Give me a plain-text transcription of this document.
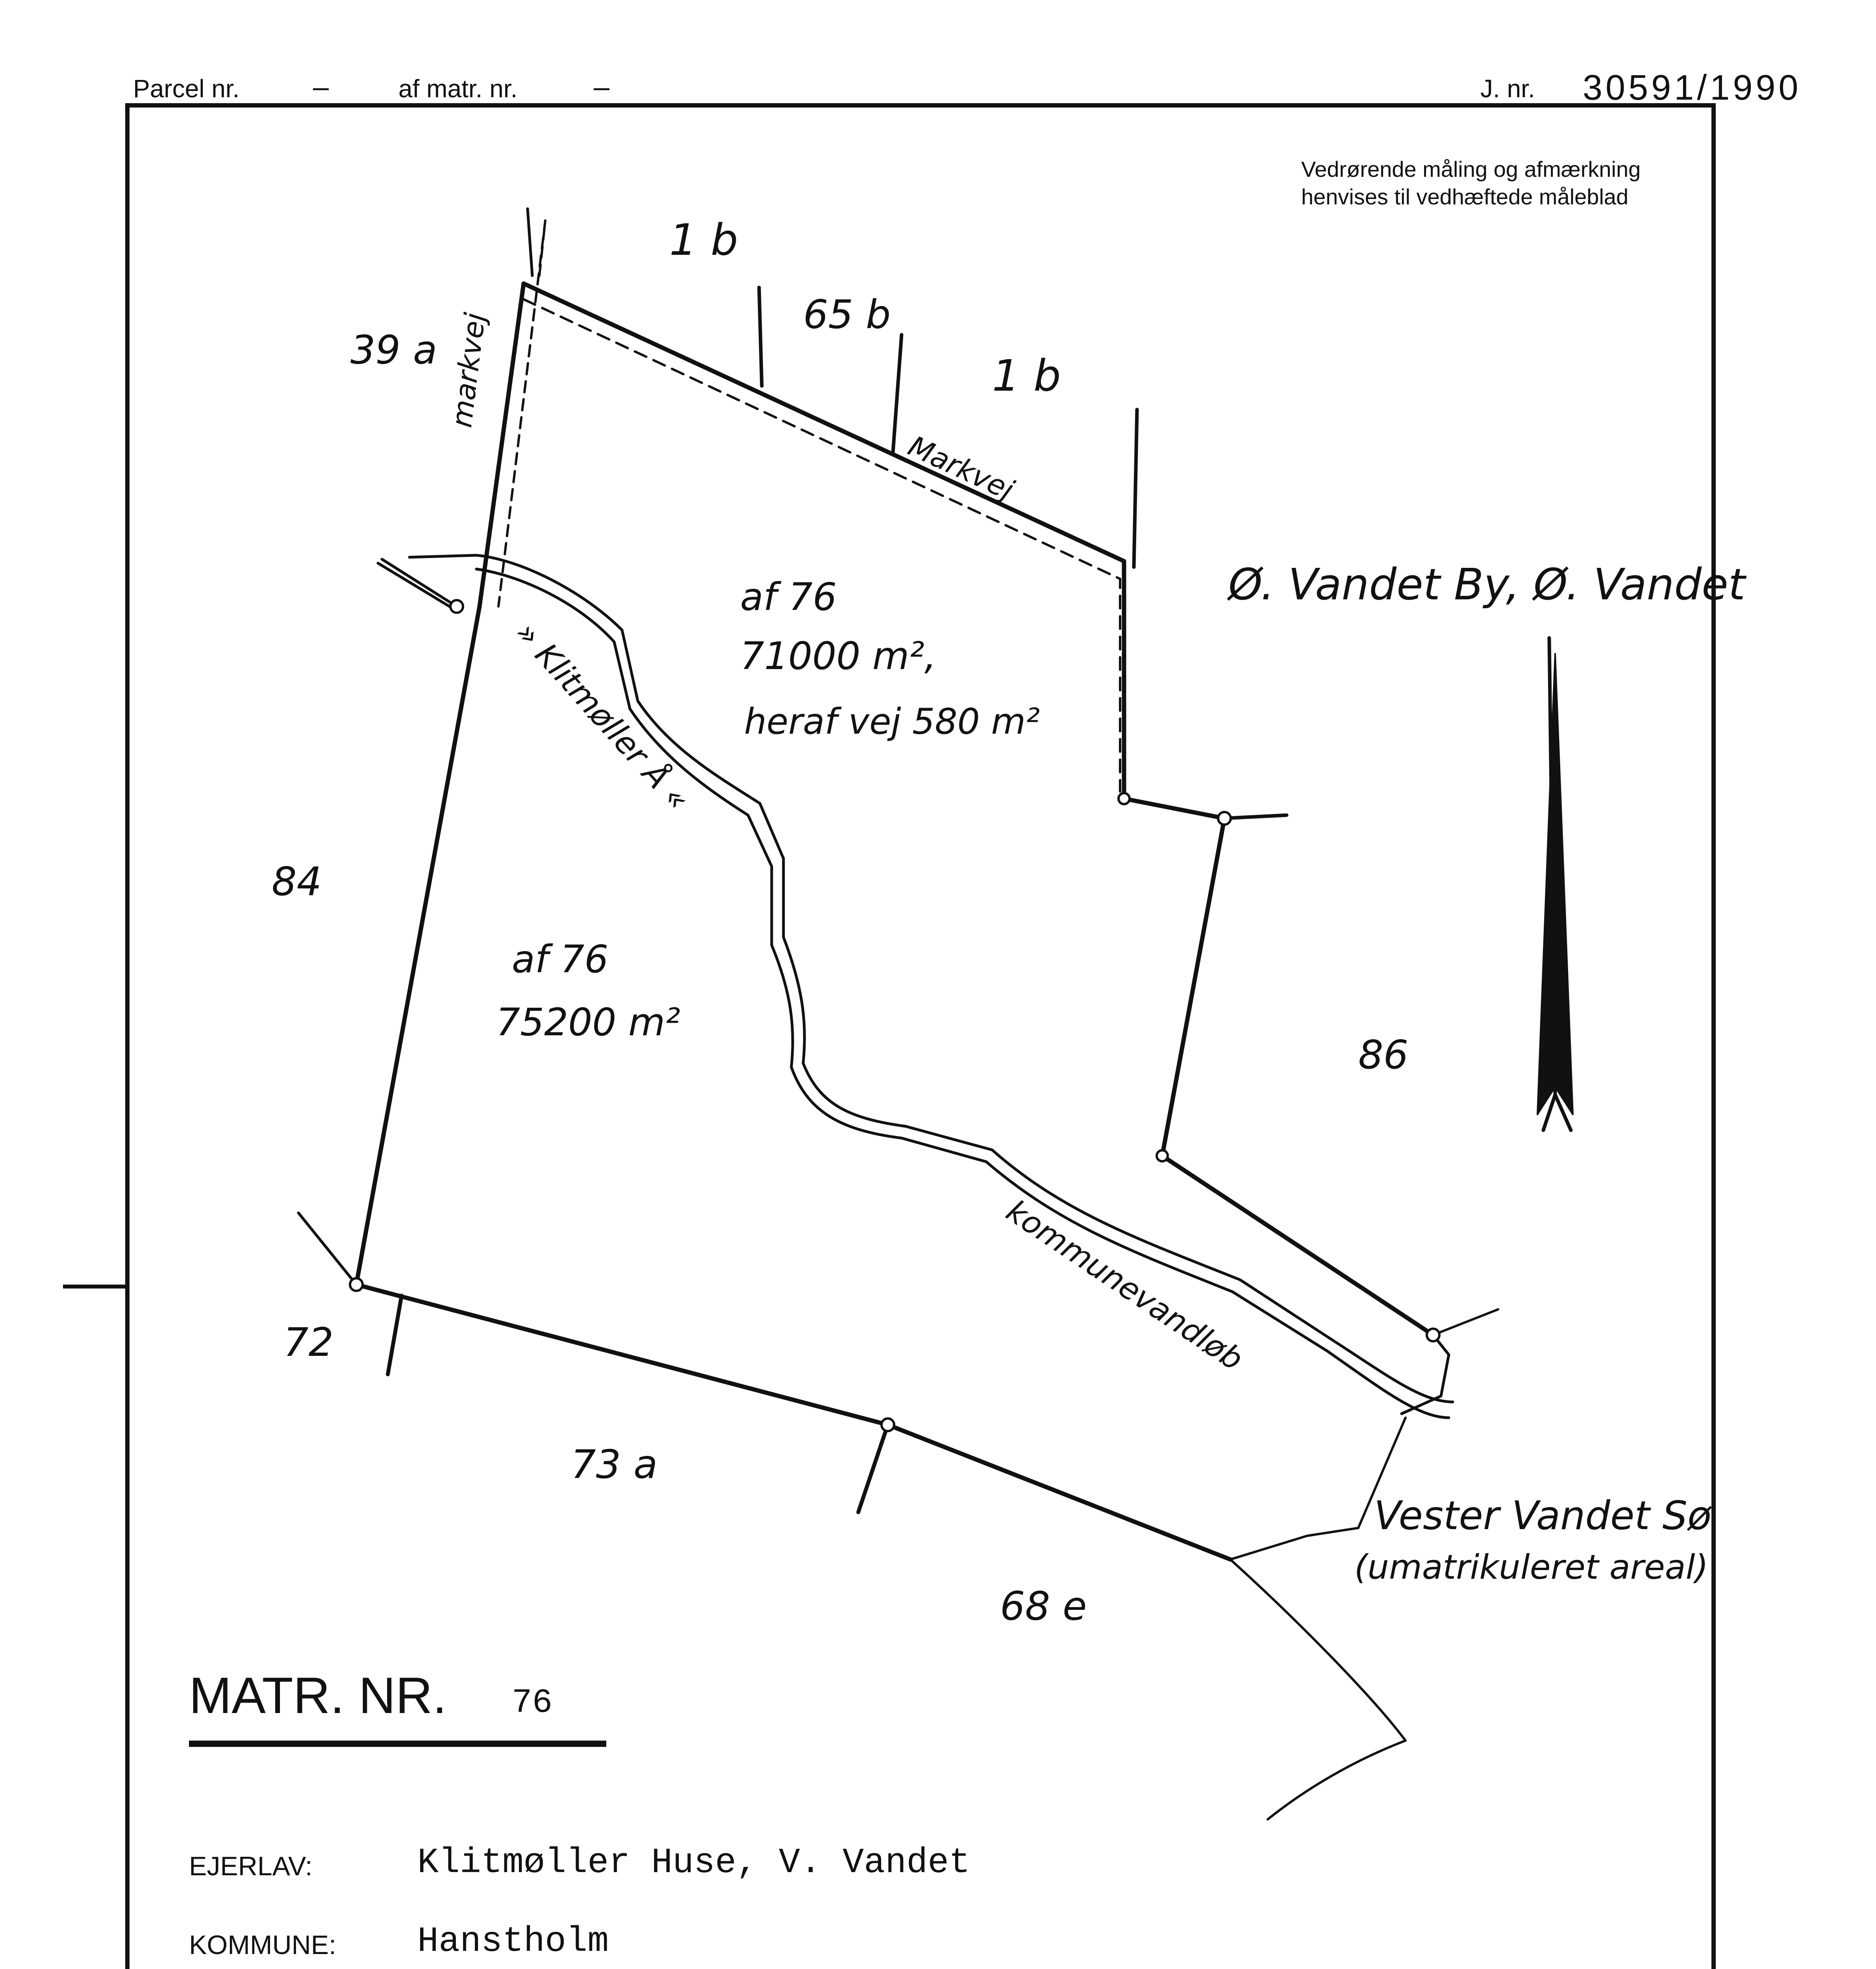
Parcel nr.	–	af matr. nr.	–	J. nr. 30591/1990
Vedrørende måling og afmærkning
henvises til vedhæftede måleblad
1 b
39 a markvej	65 b
1 b
Markvej
Ø. Vandet By, Ø. Vandet
af 76
71000 m²,
heraf vej 580 m²
» Klitmøller Å «
84
af 76
75200 m²
86
kommunevandløb
72
73 a
Vester Vandet Sø
(umatrikuleret areal)
68 e
MATR. NR. 76
EJERLAV:	Klitmøller Huse, V. Vandet
KOMMUNE: Hanstholm
